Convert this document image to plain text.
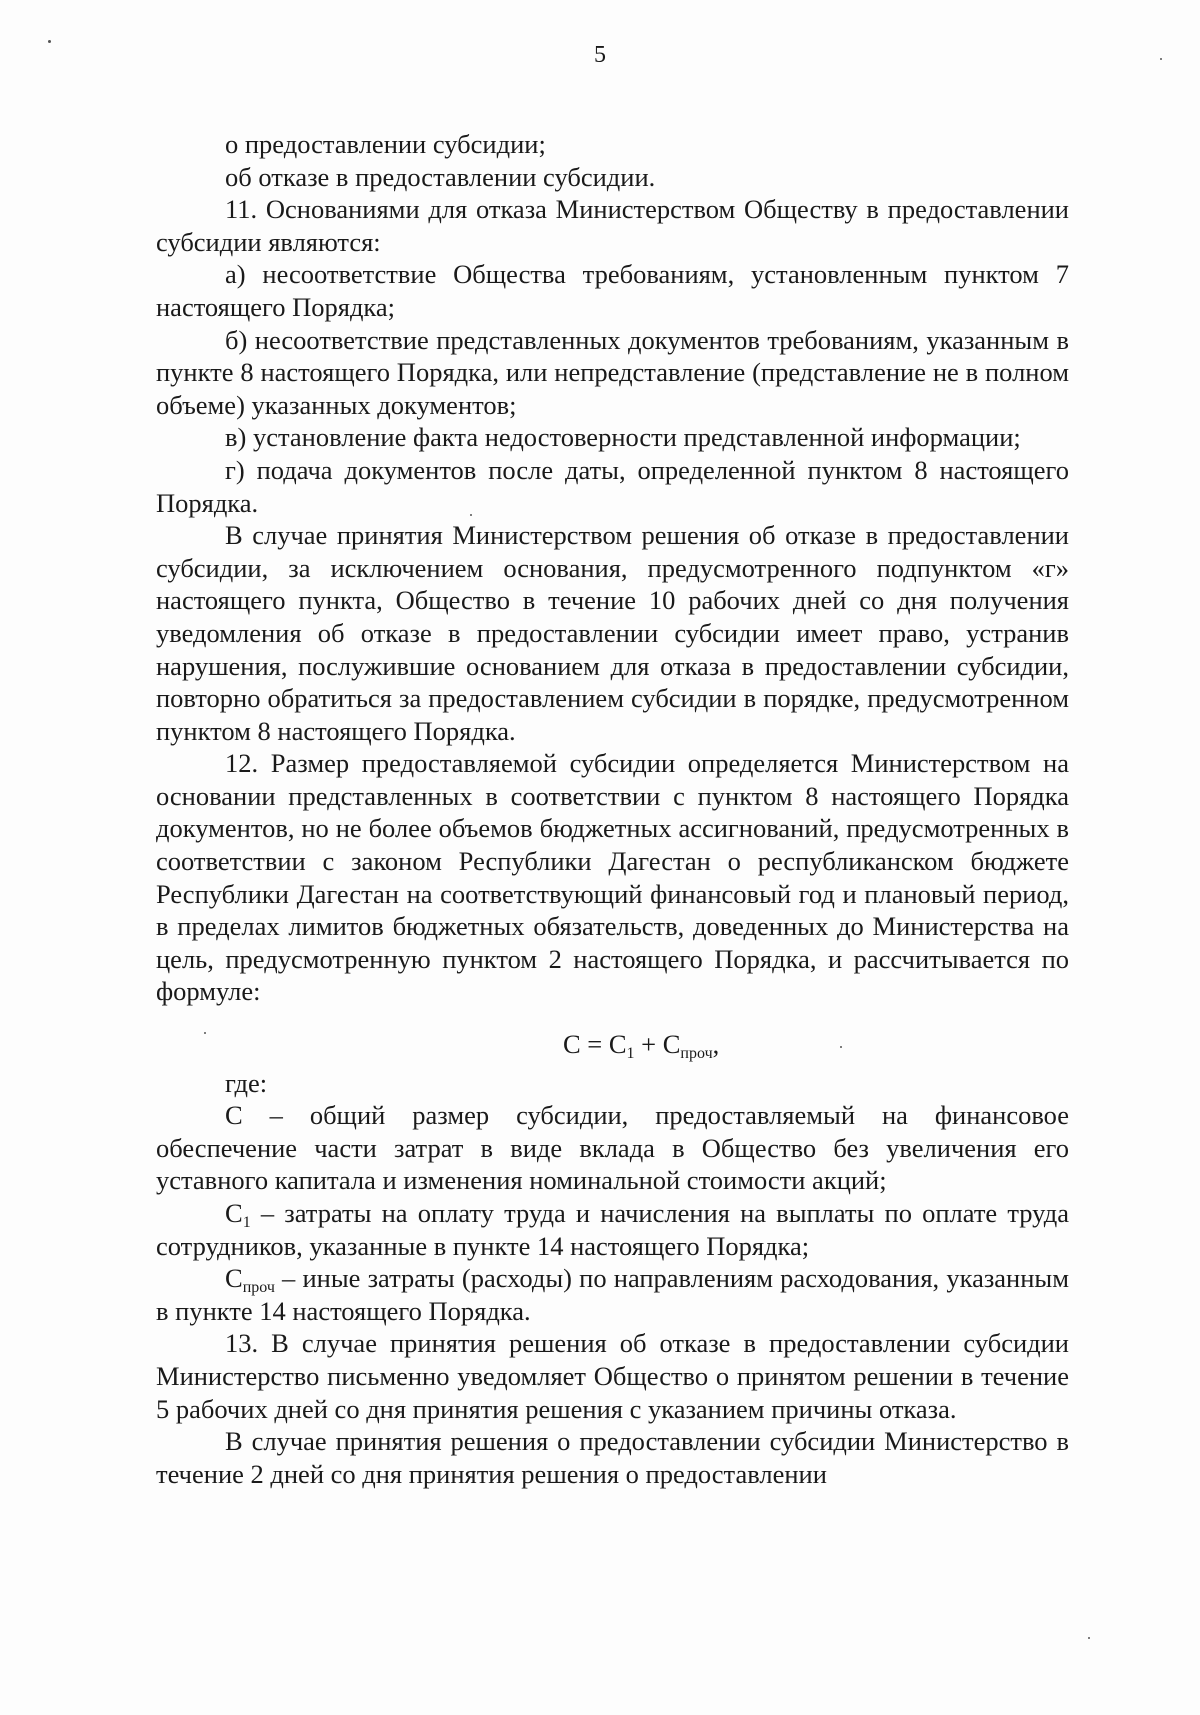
5

о предоставлении субсидии;

об отказе в предоставлении субсидии.

11. Основаниями для отказа Министерством Обществу в предоставлении субсидии являются:

а) несоответствие Общества требованиям, установленным пунктом 7 настоящего Порядка;

б) несоответствие представленных документов требованиям, указанным в пункте 8 настоящего Порядка, или непредставление (представление не в полном объеме) указанных документов;

в) установление факта недостоверности представленной информации;

г) подача документов после даты, определенной пунктом 8 настоящего Порядка.

В случае принятия Министерством решения об отказе в предоставлении субсидии, за исключением основания, предусмотренного подпунктом «г» настоящего пункта, Общество в течение 10 рабочих дней со дня получения уведомления об отказе в предоставлении субсидии имеет право, устранив нарушения, послужившие основанием для отказа в предоставлении субсидии, повторно обратиться за предоставлением субсидии в порядке, предусмотренном пунктом 8 настоящего Порядка.

12. Размер предоставляемой субсидии определяется Министерством на основании представленных в соответствии с пунктом 8 настоящего Порядка документов, но не более объемов бюджетных ассигнований, предусмотренных в соответствии с законом Республики Дагестан о республиканском бюджете Республики Дагестан на соответствующий финансовый год и плановый период, в пределах лимитов бюджетных обязательств, доведенных до Министерства на цель, предусмотренную пунктом 2 настоящего Порядка, и рассчитывается по формуле:

$С = С_1 + С_{проч}$,

где:

С – общий размер субсидии, предоставляемый на финансовое обеспечение части затрат в виде вклада в Общество без увеличения его уставного капитала и изменения номинальной стоимости акций;

$С_1$ – затраты на оплату труда и начисления на выплаты по оплате труда сотрудников, указанные в пункте 14 настоящего Порядка;

$С_{проч}$ – иные затраты (расходы) по направлениям расходования, указанным в пункте 14 настоящего Порядка.

13. В случае принятия решения об отказе в предоставлении субсидии Министерство письменно уведомляет Общество о принятом решении в течение 5 рабочих дней со дня принятия решения с указанием причины отказа.

В случае принятия решения о предоставлении субсидии Министерство в течение 2 дней со дня принятия решения о предоставлении
